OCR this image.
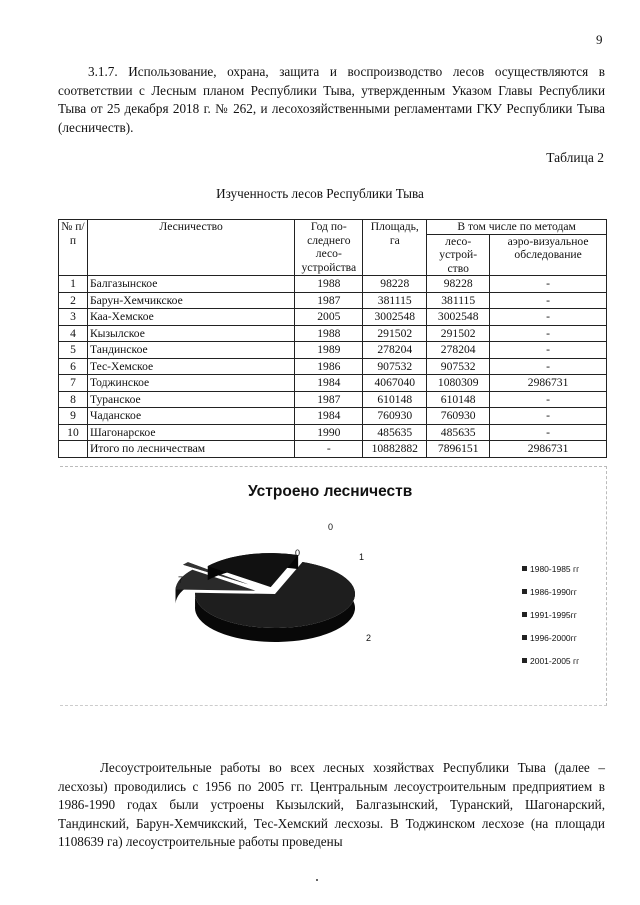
9
3.1.7. Использование, охрана, защита и воспроизводство лесов осуществляются в соответствии с Лесным планом Республики Тыва, утвержденным Указом Главы Республики Тыва от 25 декабря 2018 г. № 262, и лесохозяйственными регламентами ГКУ Республики Тыва (лесничеств).
Таблица 2
Изученность лесов Республики Тыва
№ п/п	Лесничество	Год по- следнего лесо- устройства	Площадь, га	В том числе по методам	
				лесо- устрой- ство	аэро-визуальное обследование
1	Балгазынское	1988	98228	98228	-
2	Барун-Хемчикское	1987	381115	381115	-
3	Каа-Хемское	2005	3002548	3002548	-
4	Кызылское	1988	291502	291502	-
5	Тандинское	1989	278204	278204	-
6	Тес-Хемское	1986	907532	907532	-
7	Тоджинское	1984	4067040	1080309	2986731
8	Туранское	1987	610148	610148	-
9	Чаданское	1984	760930	760930	-
10	Шагонарское	1990	485635	485635	-
	Итого по лесничествам	-	10882882	7896151	2986731
Устроено лесничеств
7
1
0
0
2
1980-1985 гг
1986-1990гг
1991-1995гг
1996-2000гг
2001-2005 гг
Лесоустроительные работы во всех лесных хозяйствах Республики Тыва (далее – лесхозы) проводились с 1956 по 2005 гг. Центральным лесоустроительным предприятием в 1986-1990 годах были устроены Кызылский, Балгазынский, Туранский, Шагонарский, Тандинский, Барун-Хемчикский, Тес-Хемский лесхозы. В Тоджинском лесхозе (на площади 1108639 га) лесоустроительные работы проведены
